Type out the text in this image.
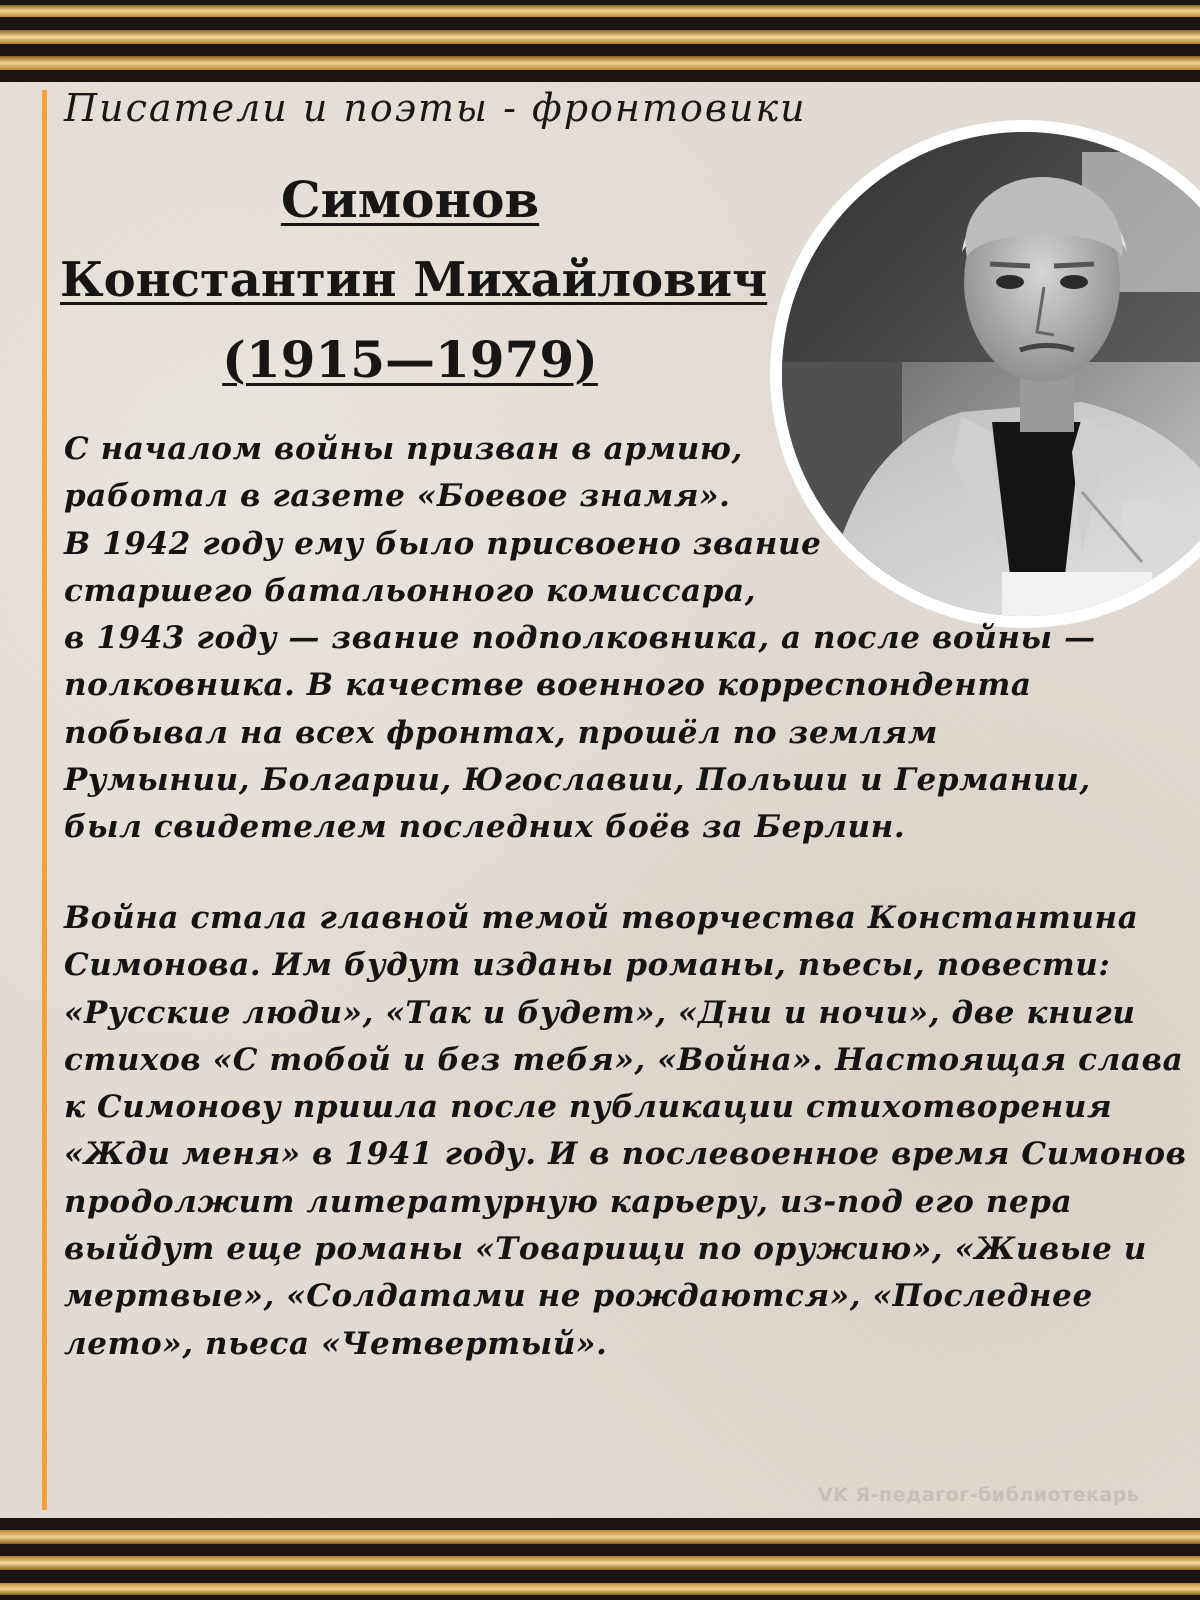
Писатели и поэты - фронтовики
Симонов
Константин Михайлович
(1915—1979)
С началом войны призван в армию,
работал в газете «Боевое знамя».
В 1942 году ему было присвоено звание
старшего батальонного комиссара,
в 1943 году — звание подполковника, а после войны —
полковника. В качестве военного корреспондента
побывал на всех фронтах, прошёл по землям
Румынии, Болгарии, Югославии, Польши и Германии,
был свидетелем последних боёв за Берлин.
Война стала главной темой творчества Константина
Симонова. Им будут изданы романы, пьесы, повести:
«Русские люди», «Так и будет», «Дни и ночи», две книги
стихов «С тобой и без тебя», «Война». Настоящая слава
к Симонову пришла после публикации стихотворения
«Жди меня» в 1941 году. И в послевоенное время Симонов
продолжит литературную карьеру, из-под его пера
выйдут еще романы «Товарищи по оружию», «Живые и
мертвые», «Солдатами не рождаются», «Последнее
лето», пьеса «Четвертый».
VK Я-педагог-библиотекарь
